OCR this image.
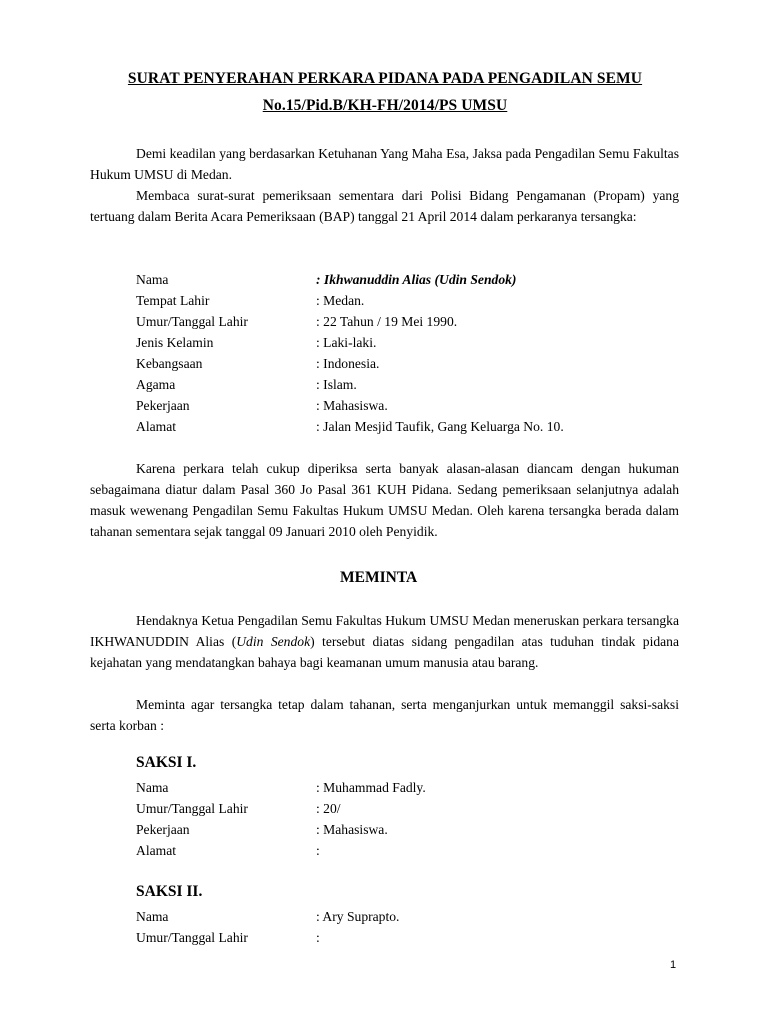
SURAT PENYERAHAN PERKARA PIDANA PADA PENGADILAN SEMU
No.15/Pid.B/KH-FH/2014/PS UMSU
Demi keadilan yang berdasarkan Ketuhanan Yang Maha Esa, Jaksa pada Pengadilan Semu Fakultas Hukum UMSU di Medan.
Membaca surat-surat pemeriksaan sementara dari Polisi Bidang Pengamanan (Propam) yang tertuang dalam Berita Acara Pemeriksaan (BAP) tanggal 21 April 2014 dalam perkaranya tersangka:
Nama	: Ikhwanuddin Alias (Udin Sendok)
Tempat Lahir	: Medan.
Umur/Tanggal Lahir	: 22 Tahun / 19 Mei 1990.
Jenis Kelamin	: Laki-laki.
Kebangsaan	: Indonesia.
Agama	: Islam.
Pekerjaan	: Mahasiswa.
Alamat	: Jalan Mesjid Taufik, Gang Keluarga No. 10.
Karena perkara telah cukup diperiksa serta banyak alasan-alasan diancam dengan hukuman sebagaimana diatur dalam Pasal 360 Jo Pasal 361 KUH Pidana. Sedang pemeriksaan selanjutnya adalah masuk wewenang Pengadilan Semu Fakultas Hukum UMSU Medan. Oleh karena tersangka berada dalam tahanan sementara sejak tanggal 09 Januari 2010 oleh Penyidik.
MEMINTA
Hendaknya Ketua Pengadilan Semu Fakultas Hukum UMSU Medan meneruskan perkara tersangka IKHWANUDDIN Alias (Udin Sendok) tersebut diatas sidang pengadilan atas tuduhan tindak pidana kejahatan yang mendatangkan bahaya bagi keamanan umum manusia atau barang.
Meminta agar tersangka tetap dalam tahanan, serta menganjurkan untuk memanggil saksi-saksi serta korban :
SAKSI I.
Nama	: Muhammad Fadly.
Umur/Tanggal Lahir	: 20/
Pekerjaan	: Mahasiswa.
Alamat	:
SAKSI II.
Nama	: Ary Suprapto.
Umur/Tanggal Lahir	:
1
